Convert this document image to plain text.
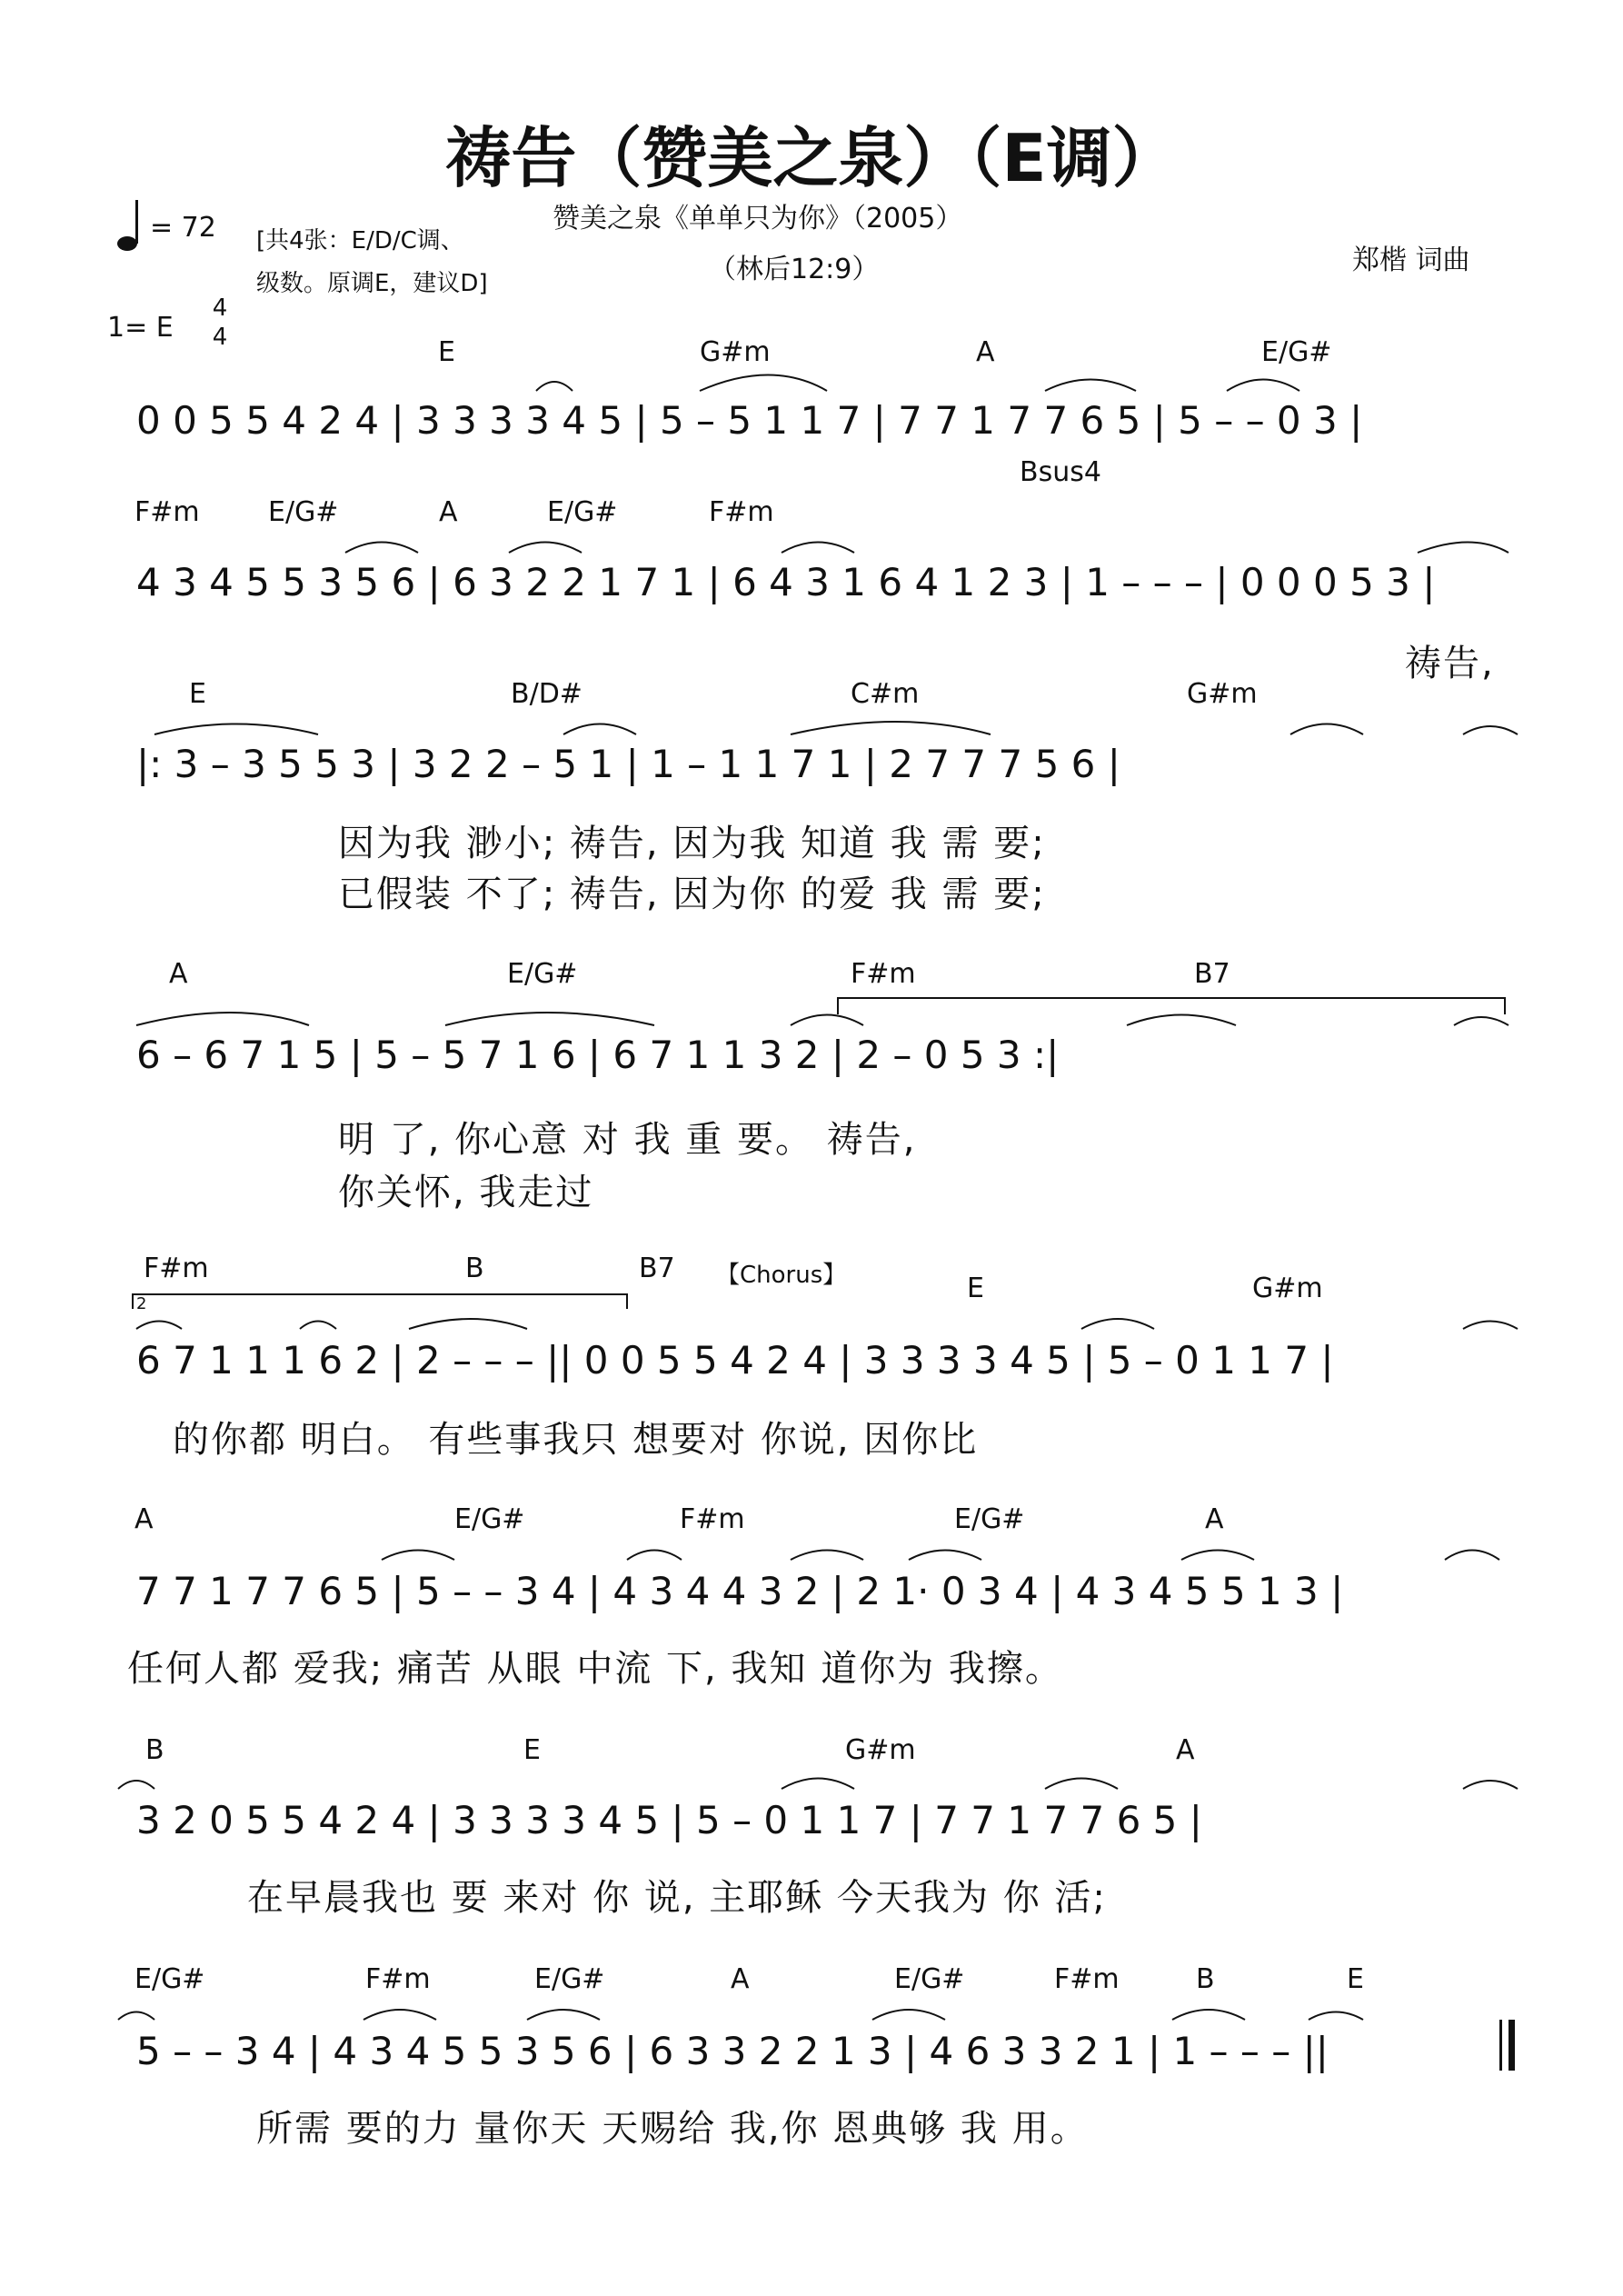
祷告（赞美之泉）（E调）
= 72 [共4张：E/D/C调、
级数。原调E，建议D]
赞美之泉《单单只为你》（2005）
（林后12:9）	郑楷 词曲
1= E
4
4	E	G#m	A	E/G#
0 0 5 5 4 2 4 | 3 3 3 3 4 5 | 5 – 5 1 1 7 | 7 7 1 7 7 6 5 | 5 – – 0 3 |
F#m	E/G#	A	E/G#	F#m
Bsus4
4 3 4 5 5 3 5 6 | 6 3 2 2 1 7 1 | 6 4 3 1 6 4 1 2 3 | 1 – – – | 0 0 0 5 3 |
祷告,
E	B/D#	C#m	G#m
|: 3 – 3 5 5 3 | 3 2 2 – 5 1 | 1 – 1 1 7 1 | 2 7 7 7 5 6 |
因为我 渺小; 祷告, 因为我 知道 我 需 要;
已假装 不了; 祷告, 因为你 的爱 我 需 要;
A	E/G#	F#m	B7
6 – 6 7 1 5 | 5 – 5 7 1 6 | 6 7 1 1 3 2 | 2 – 0 5 3 :|
明 了, 你心意 对 我 重 要。 祷告,
你关怀, 我走过
F#m	B	B7 【Chorus】	E	G#m
2
6 7 1 1 1 6 2 | 2 – – – || 0 0 5 5 4 2 4 | 3 3 3 3 4 5 | 5 – 0 1 1 7 |
的你都 明白。 有些事我只 想要对 你说, 因你比
A	E/G#	F#m	E/G#	A
7 7 1 7 7 6 5 | 5 – – 3 4 | 4 3 4 4 3 2 | 2 1· 0 3 4 | 4 3 4 5 5 1 3 |
任何人都 爱我; 痛苦 从眼 中流 下, 我知 道你为 我擦。
B	E	G#m	A
3 2 0 5 5 4 2 4 | 3 3 3 3 4 5 | 5 – 0 1 1 7 | 7 7 1 7 7 6 5 |
在早晨我也 要 来对 你 说, 主耶稣 今天我为 你 活;
E/G#	F#m	E/G#	A	E/G#	F#m	B	E
5 – – 3 4 | 4 3 4 5 5 3 5 6 | 6 3 3 2 2 1 3 | 4 6 3 3 2 1 | 1 – – – ||
所需 要的力 量你天 天赐给 我,你 恩典够 我 用。
